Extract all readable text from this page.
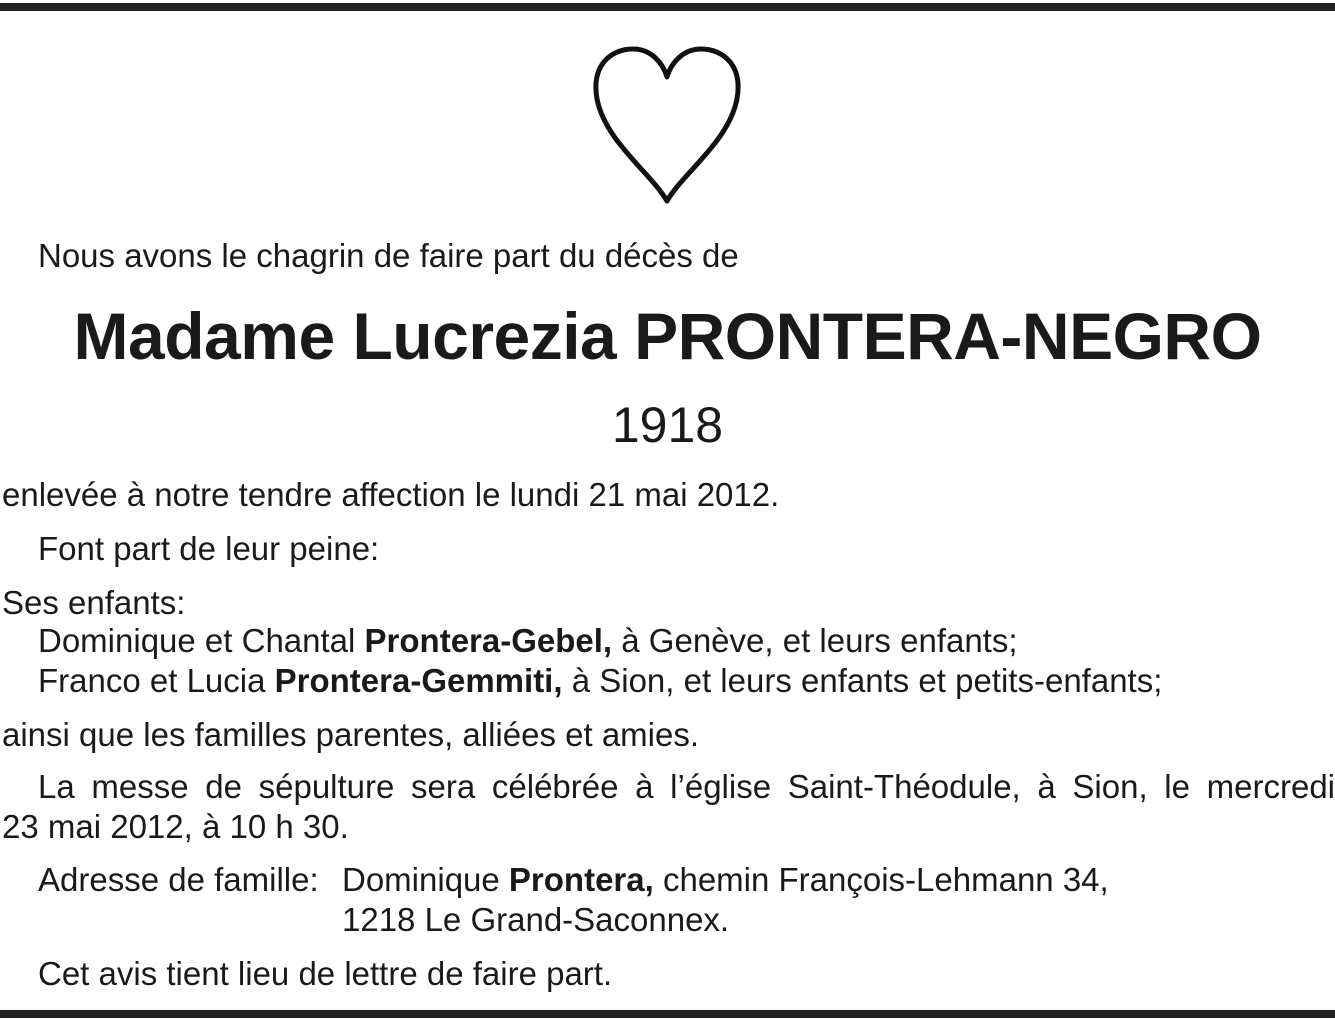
Nous avons le chagrin de faire part du décès de
Madame Lucrezia PRONTERA-NEGRO
1918
enlevée à notre tendre affection le lundi 21 mai 2012.
Font part de leur peine:
Ses enfants:
Dominique et Chantal Prontera-Gebel, à Genève, et leurs enfants;
Franco et Lucia Prontera-Gemmiti, à Sion, et leurs enfants et petits-enfants;
ainsi que les familles parentes, alliées et amies.
La messe de sépulture sera célébrée à l’église Saint-Théodule, à Sion, le mercredi
23 mai 2012, à 10 h 30.
Adresse de famille: Dominique Prontera, chemin François-Lehmann 34,
1218 Le Grand-Saconnex.
Cet avis tient lieu de lettre de faire part.
